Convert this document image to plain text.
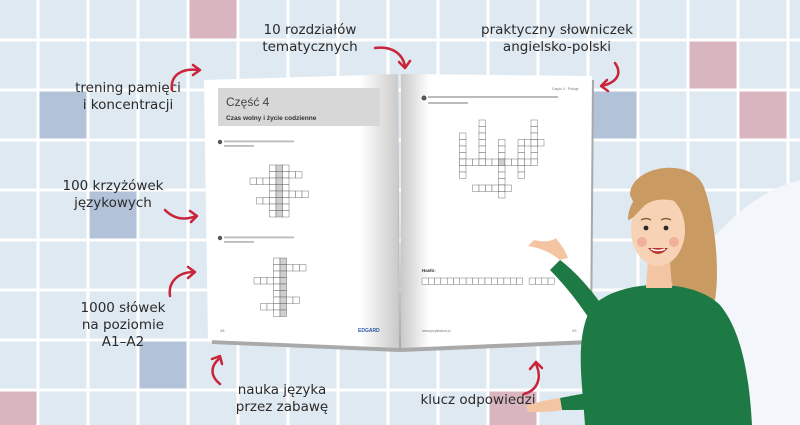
trening pamięci
i koncentracji
10 rozdziałów
tematycznych
praktyczny słowniczek
angielsko-polski
100 krzyżówek
językowych
1000 słówek
na poziomie
A1–A2
nauka języka
przez zabawę	klucz odpowiedzi
Część 4
Czas wolny i życie codzienne
28	EDGARD
Część 4 · Pokoje
Hasło:
www.jezykiobce.pl	29
